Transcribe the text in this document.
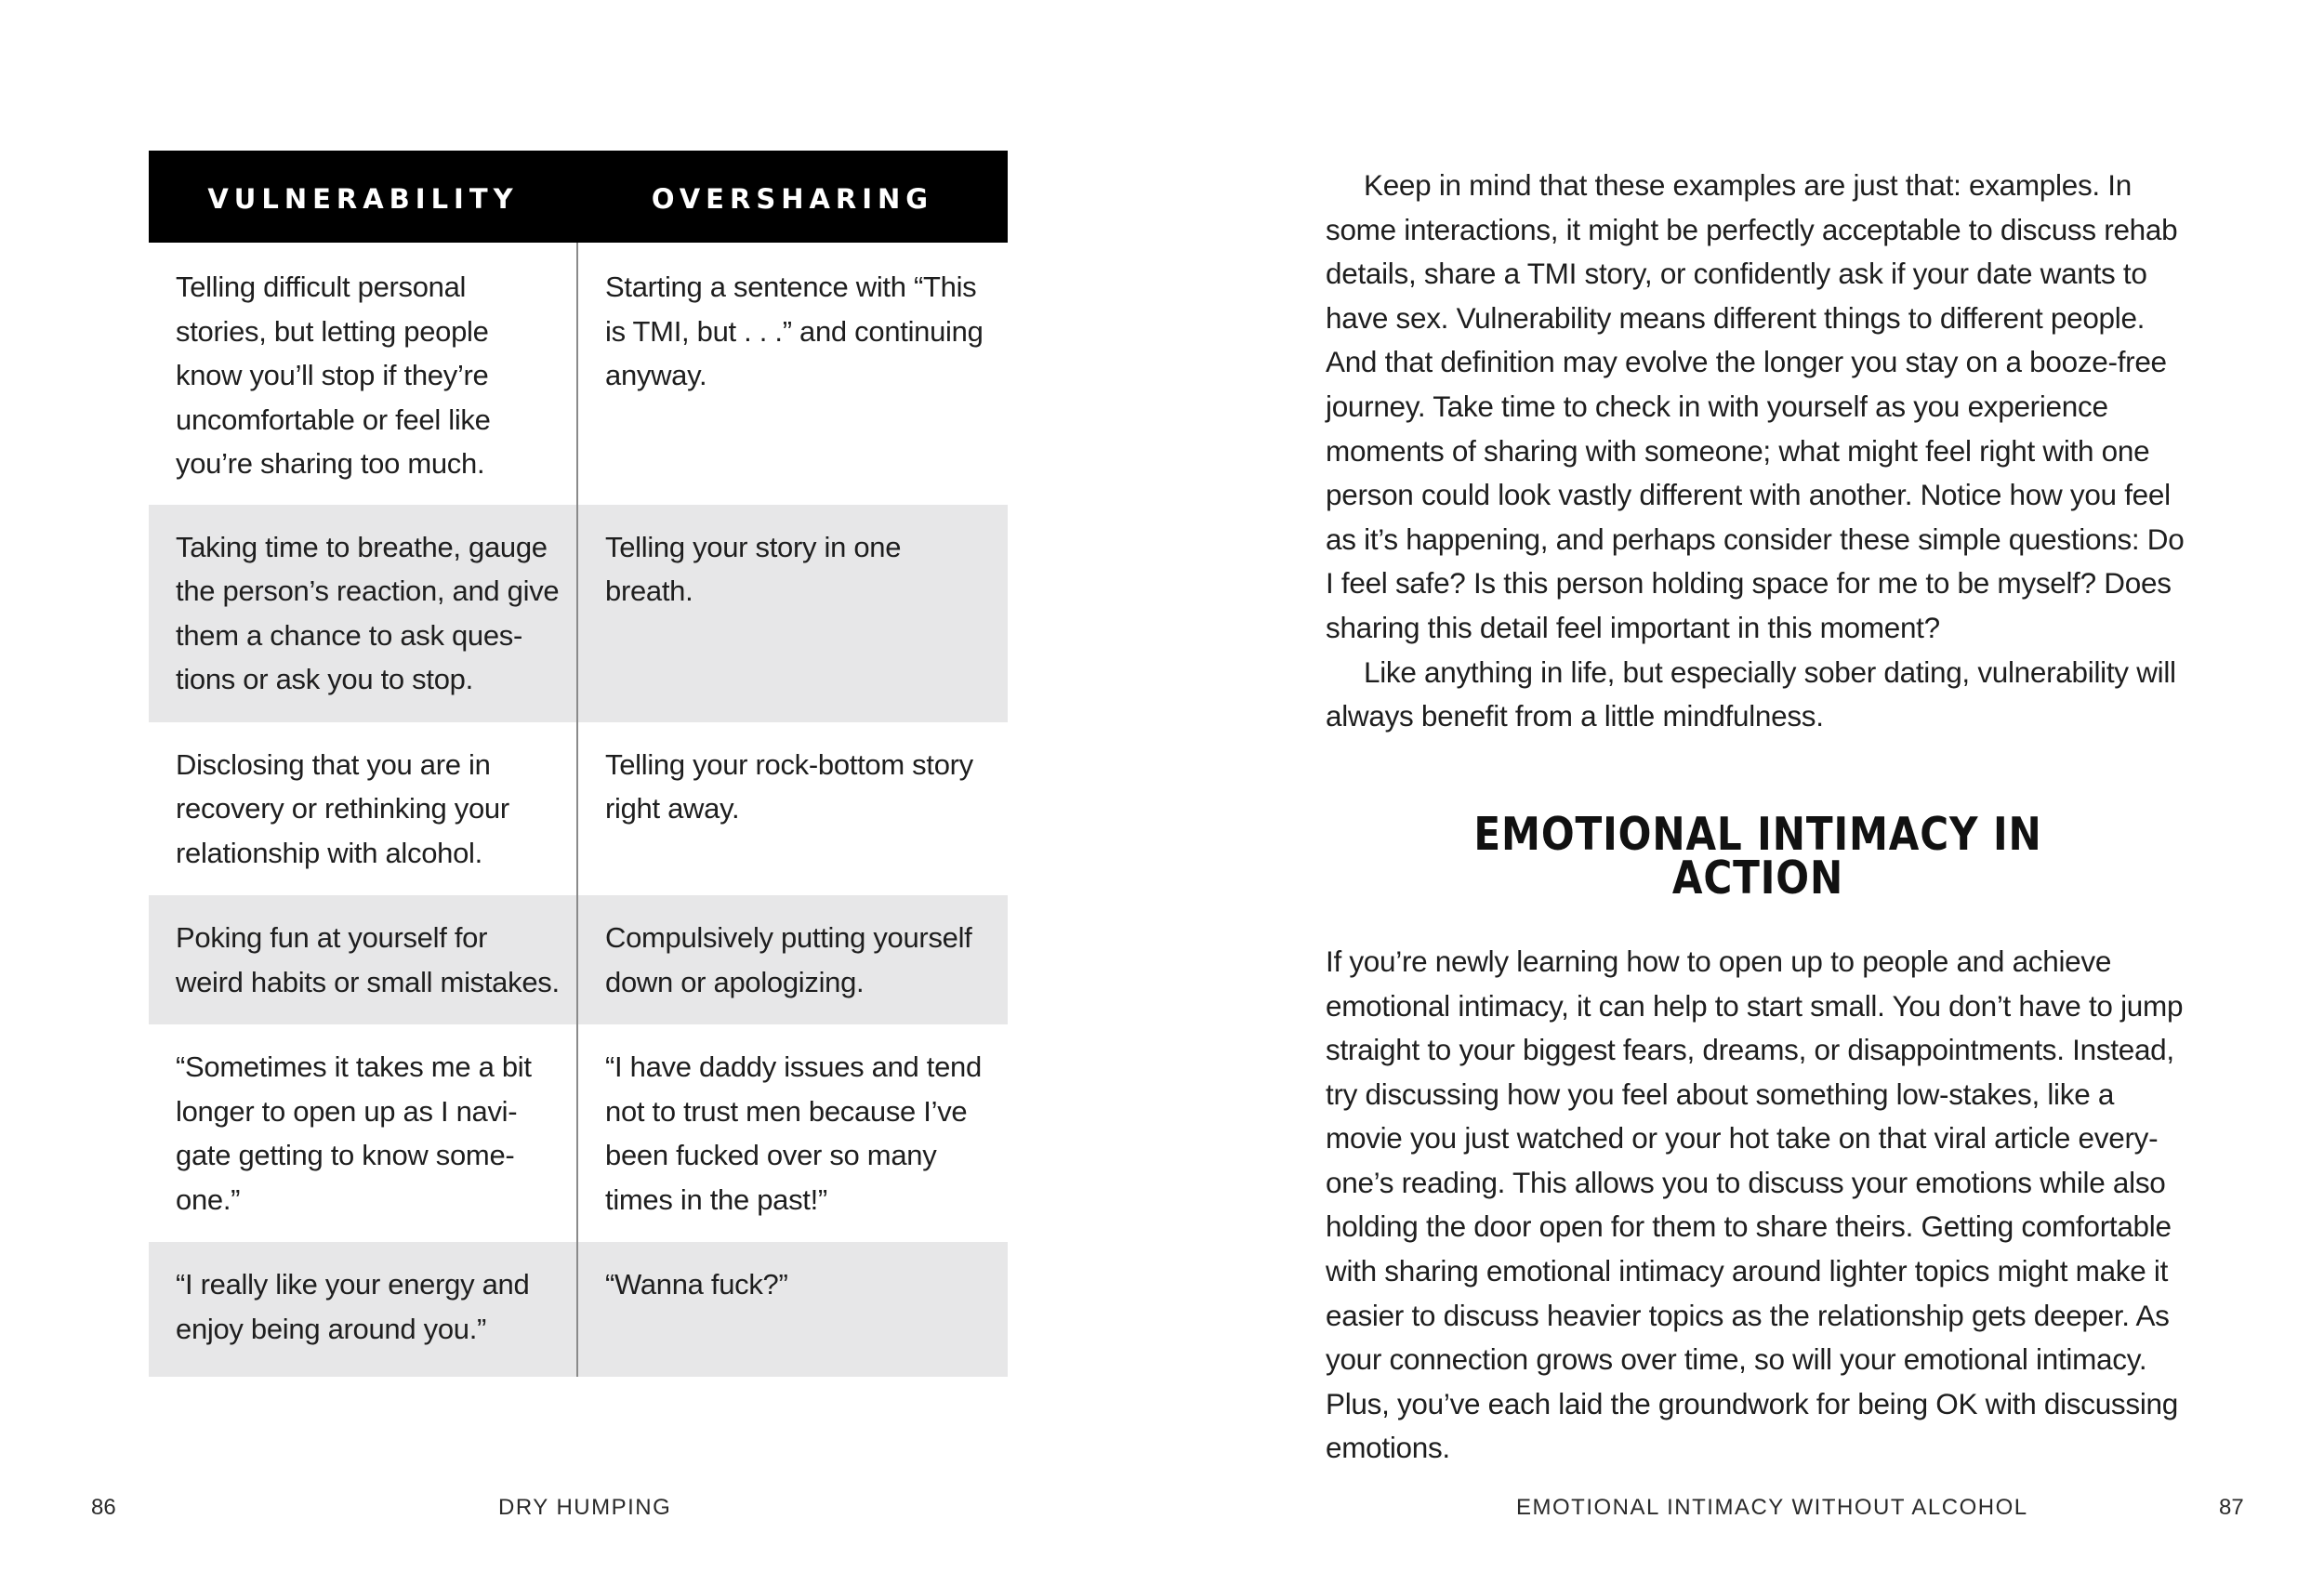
VULNERABILITY	OVERSHARING
Telling difficult personal stories, but letting people know you’ll stop if they’re uncomfortable or feel like you’re sharing too much.	Starting a sentence with “This is TMI, but . . .” and continuing anyway.
Taking time to breathe, gauge the person’s reaction, and give them a chance to ask ques-tions or ask you to stop.	Telling your story in one breath.
Disclosing that you are in recovery or rethinking your relationship with alcohol.	Telling your rock-bottom story right away.
Poking fun at yourself for weird habits or small mistakes.	Compulsively putting yourself down or apologizing.
“Sometimes it takes me a bit longer to open up as I navi-gate getting to know some-one.”	“I have daddy issues and tend not to trust men because I’ve been fucked over so many times in the past!”
“I really like your energy and enjoy being around you.”	“Wanna fuck?”

Keep in mind that these examples are just that: examples. In some interactions, it might be perfectly acceptable to discuss rehab details, share a TMI story, or confidently ask if your date wants to have sex. Vulnerability means different things to different people. And that definition may evolve the longer you stay on a booze-free journey. Take time to check in with yourself as you experience moments of sharing with someone; what might feel right with one person could look vastly different with another. Notice how you feel as it’s happening, and perhaps consider these simple questions: Do I feel safe? Is this person holding space for me to be myself? Does sharing this detail feel important in this moment?

Like anything in life, but especially sober dating, vulnerability will always benefit from a little mindfulness.

EMOTIONAL INTIMACY IN ACTION

If you’re newly learning how to open up to people and achieve emotional intimacy, it can help to start small. You don’t have to jump straight to your biggest fears, dreams, or disappointments. Instead, try discussing how you feel about something low-stakes, like a movie you just watched or your hot take on that viral article every-one’s reading. This allows you to discuss your emotions while also holding the door open for them to share theirs. Getting comfortable with sharing emotional intimacy around lighter topics might make it easier to discuss heavier topics as the relationship gets deeper. As your connection grows over time, so will your emotional intimacy. Plus, you’ve each laid the groundwork for being OK with discussing emotions.

86	DRY HUMPING	EMOTIONAL INTIMACY WITHOUT ALCOHOL	87
